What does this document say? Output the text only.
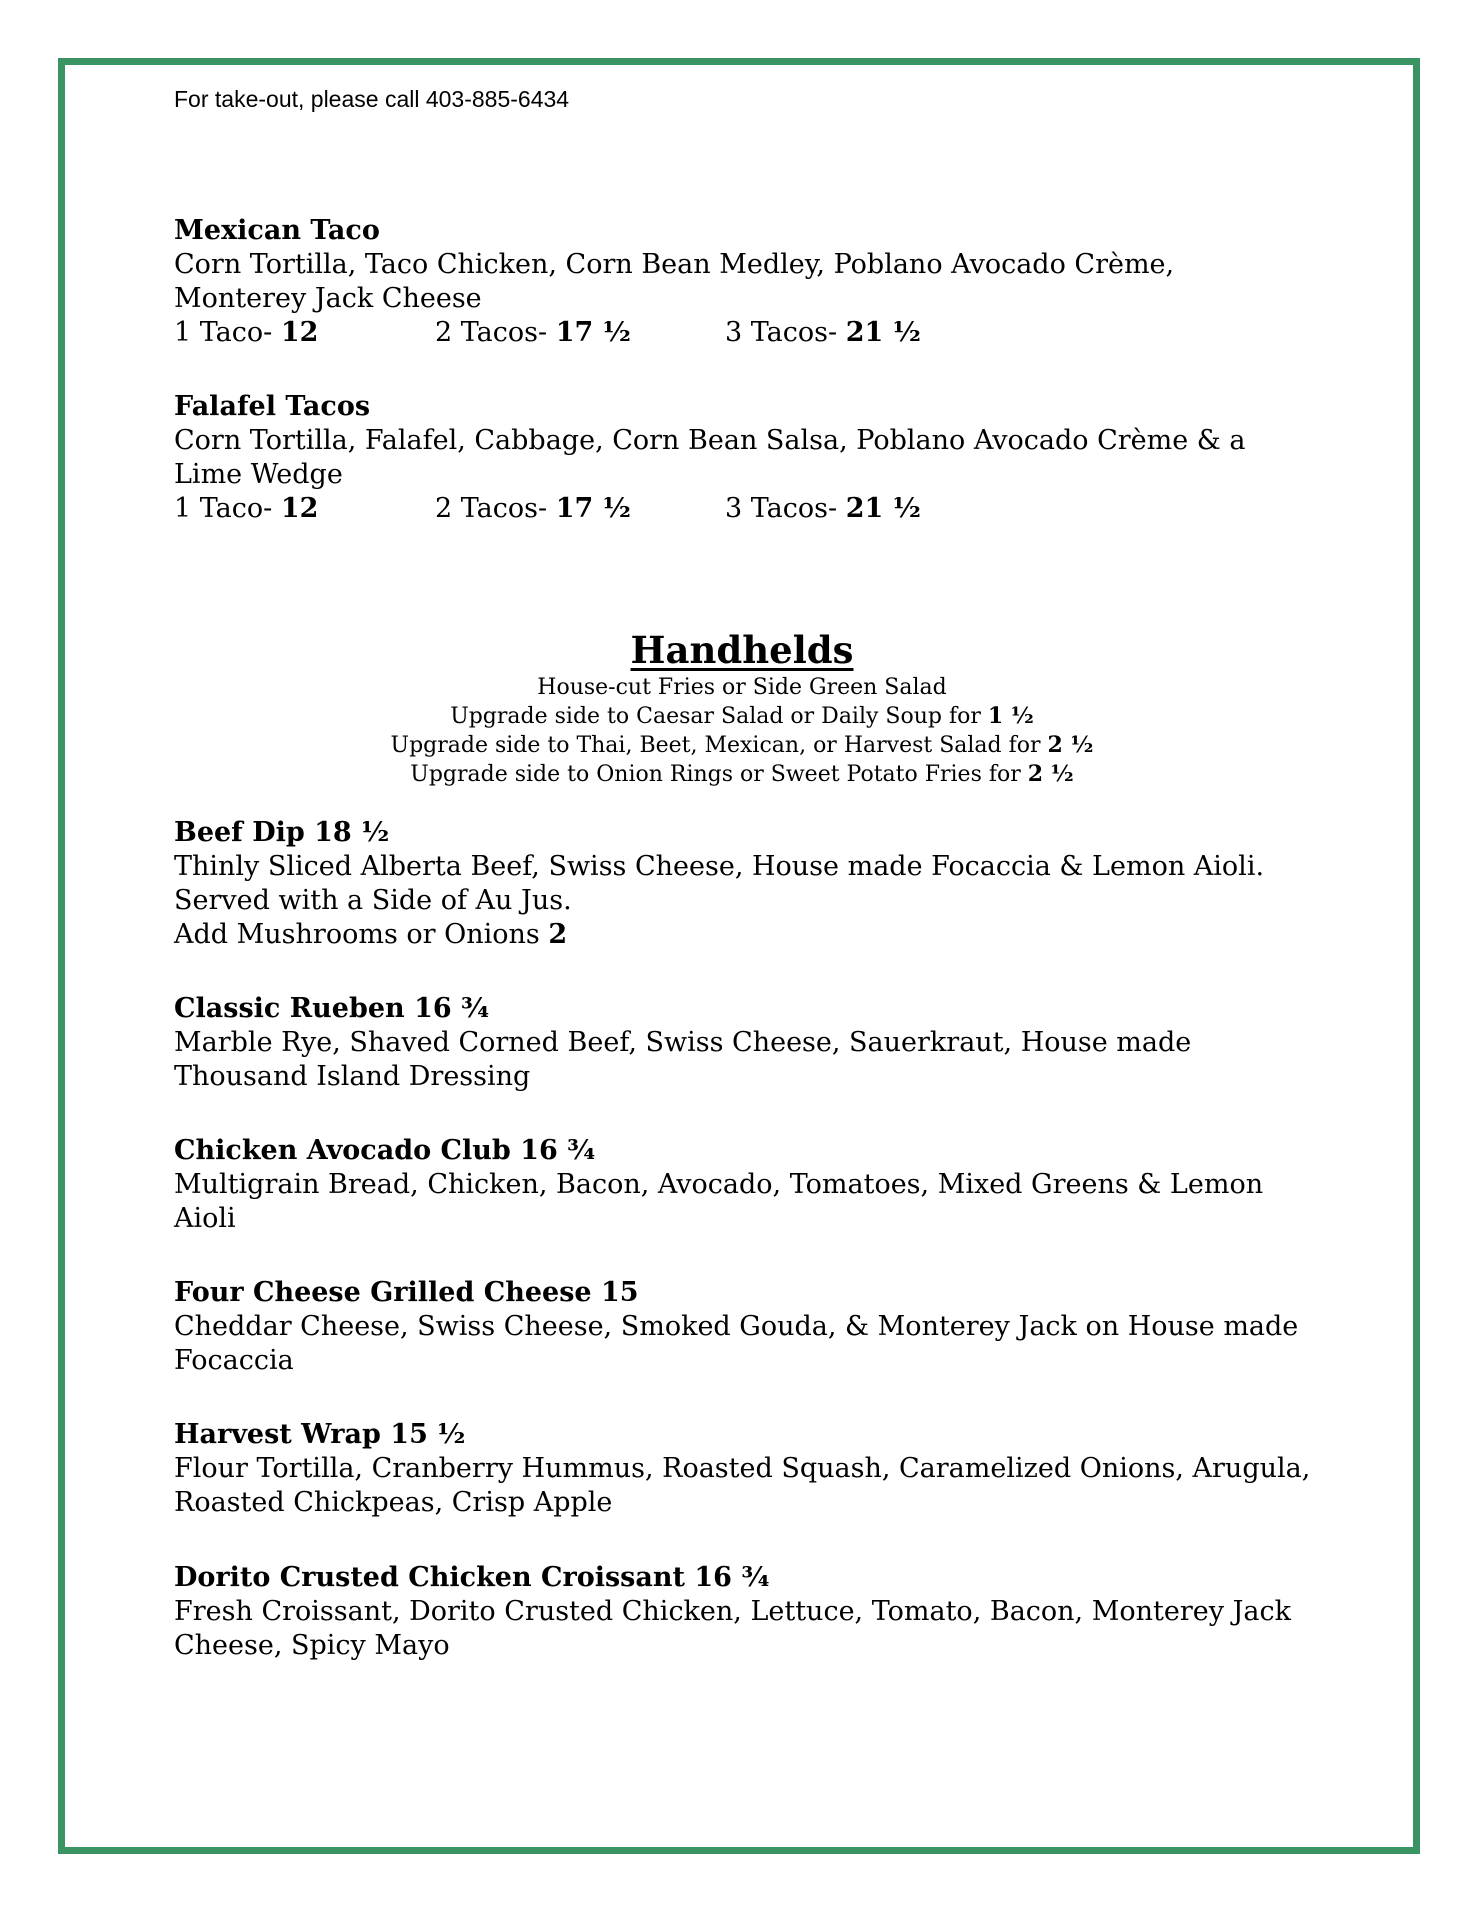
For take-out, please call 403-885-6434
Mexican Taco
Corn Tortilla, Taco Chicken, Corn Bean Medley, Poblano Avocado Crème, Monterey Jack Cheese
1 Taco- 12	2 Tacos- 17 ½	3 Tacos- 21 ½
Falafel Tacos
Corn Tortilla, Falafel, Cabbage, Corn Bean Salsa, Poblano Avocado Crème & a Lime Wedge
1 Taco- 12	2 Tacos- 17 ½	3 Tacos- 21 ½
Handhelds
House-cut Fries or Side Green Salad
Upgrade side to Caesar Salad or Daily Soup for 1 ½
Upgrade side to Thai, Beet, Mexican, or Harvest Salad for 2 ½
Upgrade side to Onion Rings or Sweet Potato Fries for 2 ½
Beef Dip 18 ½
Thinly Sliced Alberta Beef, Swiss Cheese, House made Focaccia & Lemon Aioli. Served with a Side of Au Jus.
Add Mushrooms or Onions 2
Classic Rueben 16 ¾
Marble Rye, Shaved Corned Beef, Swiss Cheese, Sauerkraut, House made Thousand Island Dressing
Chicken Avocado Club 16 ¾
Multigrain Bread, Chicken, Bacon, Avocado, Tomatoes, Mixed Greens & Lemon Aioli
Four Cheese Grilled Cheese 15
Cheddar Cheese, Swiss Cheese, Smoked Gouda, & Monterey Jack on House made Focaccia
Harvest Wrap 15 ½
Flour Tortilla, Cranberry Hummus, Roasted Squash, Caramelized Onions, Arugula, Roasted Chickpeas, Crisp Apple
Dorito Crusted Chicken Croissant 16 ¾
Fresh Croissant, Dorito Crusted Chicken, Lettuce, Tomato, Bacon, Monterey Jack Cheese, Spicy Mayo
